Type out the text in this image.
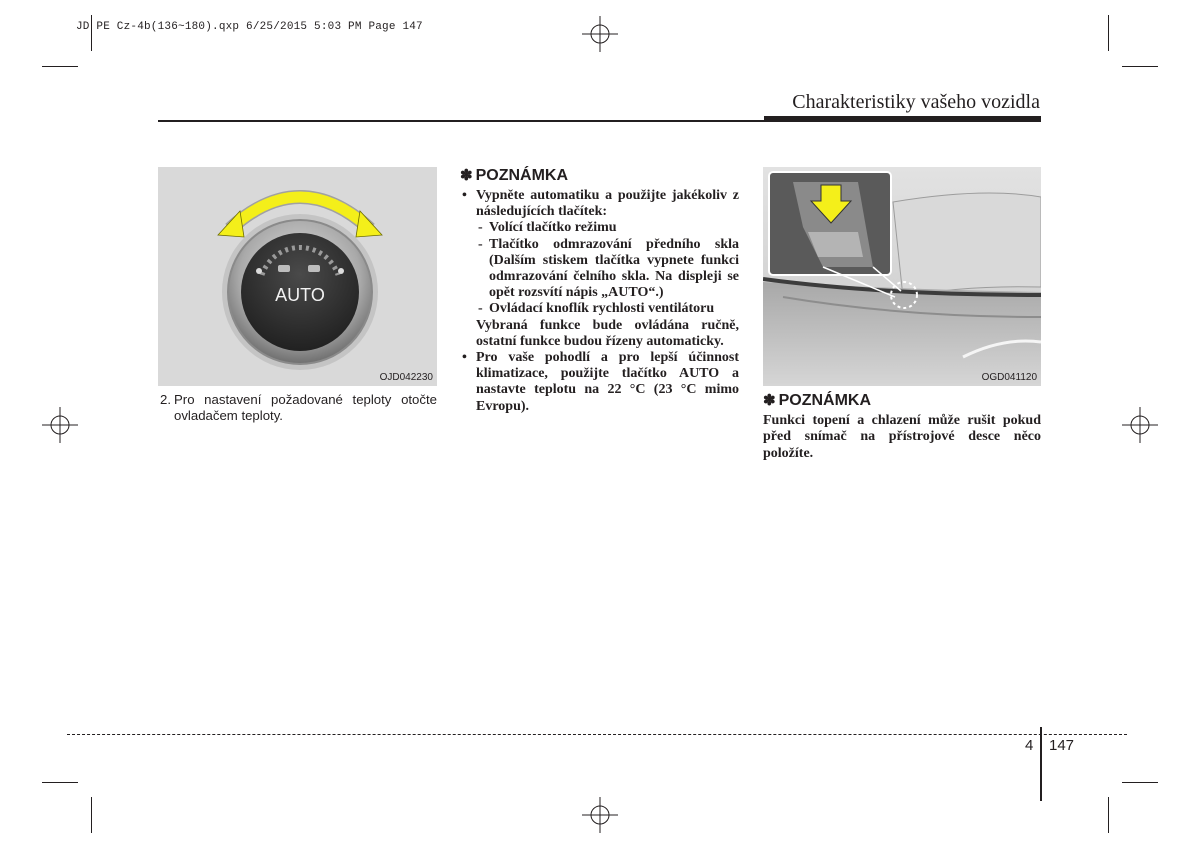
JD PE Cz-4b(136~180).qxp 6/25/2015 5:03 PM Page 147
Charakteristiky vašeho vozidla
AUTO
OJD042230
2. Pro nastavení požadované teploty otočte ovladačem teploty.
✽ POZNÁMKA

• Vypněte automatiku a použijte jakékoliv z následujících tlačítek:

- Volící tlačítko režimu

- Tlačítko odmrazování předního skla (Dalším stiskem tlačítka vypnete funkci odmrazování čelního skla. Na displeji se opět rozsvítí nápis „AUTO“.)

- Ovládací knoflík rychlosti ventilátoru

Vybraná funkce bude ovládána ručně, ostatní funkce budou řízeny automaticky.

• Pro vaše pohodlí a pro lepší účinnost klimatizace, použijte tlačítko AUTO a nastavte teplotu na 22 °C (23 °C mimo Evropu).

OGD041120
✽ POZNÁMKA

Funkci topení a chlazení může rušit pokud před snímač na přístrojové desce něco položíte.

4 147
